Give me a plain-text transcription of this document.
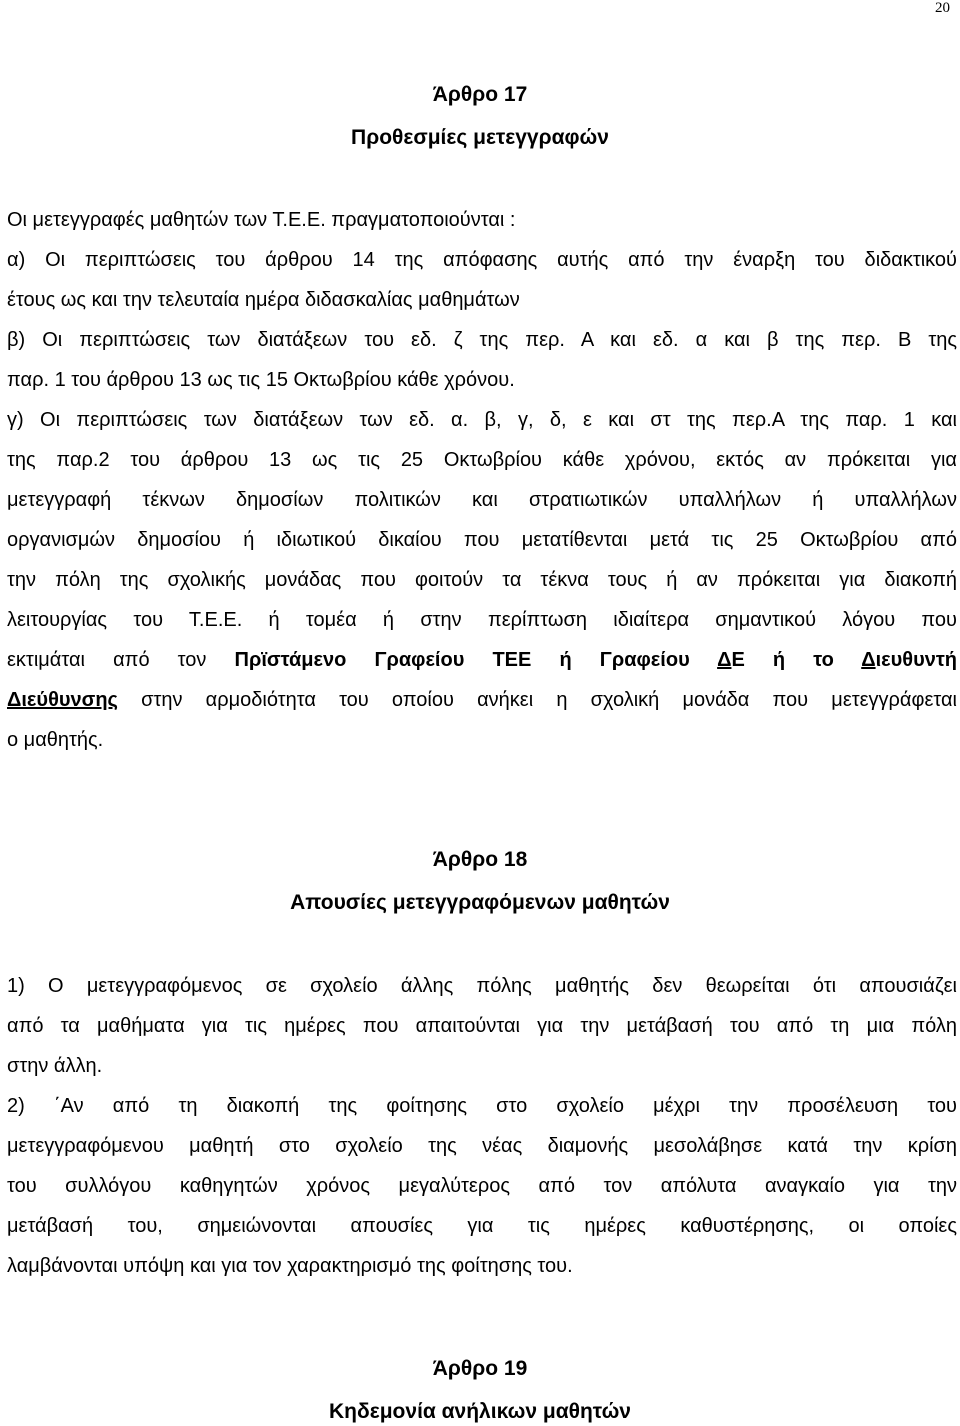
20
Άρθρο 17
Προθεσμίες μετεγγραφών

Οι μετεγγραφές μαθητών των Τ.Ε.Ε. πραγματοποιούνται :

α) Οι περιπτώσεις του άρθρου 14 της απόφασης αυτής από την έναρξη του διδακτικού

έτους ως και την τελευταία ημέρα διδασκαλίας μαθημάτων

β) Οι περιπτώσεις των διατάξεων του εδ. ζ της περ. Α και εδ. α και β της περ. Β της

παρ. 1 του άρθρου 13 ως τις 15 Οκτωβρίου κάθε χρόνου.

γ) Οι περιπτώσεις των διατάξεων των εδ. α. β, γ, δ, ε και στ της περ.Α της παρ. 1 και

της παρ.2 του άρθρου 13 ως τις 25 Οκτωβρίου κάθε χρόνου, εκτός αν πρόκειται για

μετεγγραφή τέκνων δημοσίων πολιτικών και στρατιωτικών υπαλλήλων ή υπαλλήλων

οργανισμών δημοσίου ή ιδιωτικού δικαίου που μετατίθενται μετά τις 25 Οκτωβρίου από

την πόλη της σχολικής μονάδας που φοιτούν τα τέκνα τους ή αν πρόκειται για διακοπή

λειτουργίας του Τ.Ε.Ε. ή τομέα ή στην περίπτωση ιδιαίτερα σημαντικού λόγου που

εκτιμάται από τον Πρϊστάμενο Γραφείου ΤΕΕ ή Γραφείου ΔΕ ή το Διευθυντή

Διεύθυνσης στην αρμοδιότητα του οποίου ανήκει η σχολική μονάδα που μετεγγράφεται

ο μαθητής.

Άρθρο 18
Απουσίες μετεγγραφόμενων μαθητών

1) Ο μετεγγραφόμενος σε σχολείο άλλης πόλης μαθητής δεν θεωρείται ότι απουσιάζει

από τα μαθήματα για τις ημέρες που απαιτούνται για την μετάβασή του από τη μια πόλη

στην άλλη.

2) ΄Αν από τη διακοπή της φοίτησης στο σχολείο μέχρι την προσέλευση του

μετεγγραφόμενου μαθητή στο σχολείο της νέας διαμονής μεσολάβησε κατά την κρίση

του συλλόγου καθηγητών χρόνος μεγαλύτερος από τον απόλυτα αναγκαίο για την

μετάβασή του, σημειώνονται απουσίες για τις ημέρες καθυστέρησης, οι οποίες

λαμβάνονται υπόψη και για τον χαρακτηρισμό της φοίτησης του.

Άρθρο 19
Κηδεμονία ανήλικων μαθητών
